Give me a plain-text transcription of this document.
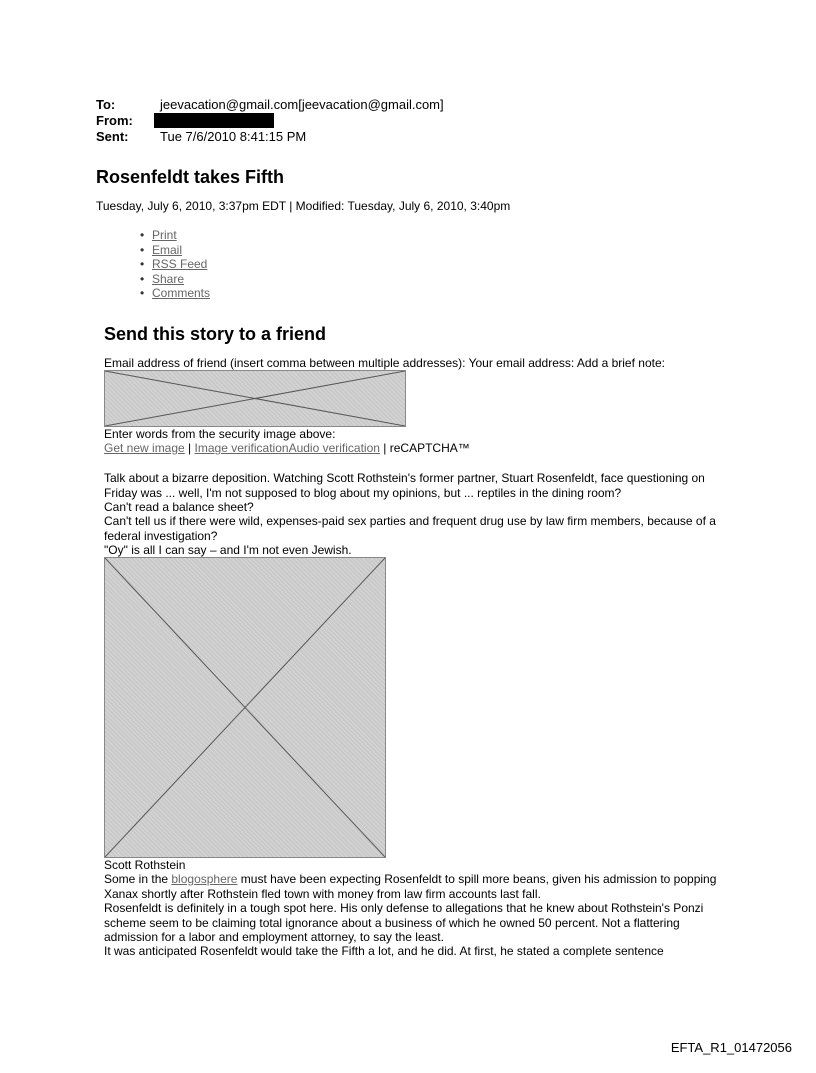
To:	jeevacation@gmail.com[jeevacation@gmail.com]
From:
Sent: Tue 7/6/2010 8:41:15 PM
Rosenfeldt takes Fifth
Tuesday, July 6, 2010, 3:37pm EDT | Modified: Tuesday, July 6, 2010, 3:40pm
• Print
• Email
• RSS Feed
• Share
• Comments
Send this story to a friend
Email address of friend (insert comma between multiple addresses): Your email address: Add a brief note:
Enter words from the security image above:
Get new image | Image verificationAudio verification | reCAPTCHA™
Talk about a bizarre deposition. Watching Scott Rothstein's former partner, Stuart Rosenfeldt, face questioning on Friday was ... well, I'm not supposed to blog about my opinions, but ... reptiles in the dining room?
Can't read a balance sheet?
Can't tell us if there were wild, expenses-paid sex parties and frequent drug use by law firm members, because of a federal investigation?
"Oy" is all I can say – and I'm not even Jewish.
Scott Rothstein
Some in the blogosphere must have been expecting Rosenfeldt to spill more beans, given his admission to popping Xanax shortly after Rothstein fled town with money from law firm accounts last fall.
Rosenfeldt is definitely in a tough spot here. His only defense to allegations that he knew about Rothstein's Ponzi scheme seem to be claiming total ignorance about a business of which he owned 50 percent. Not a flattering admission for a labor and employment attorney, to say the least.
It was anticipated Rosenfeldt would take the Fifth a lot, and he did. At first, he stated a complete sentence
EFTA_R1_01472056
